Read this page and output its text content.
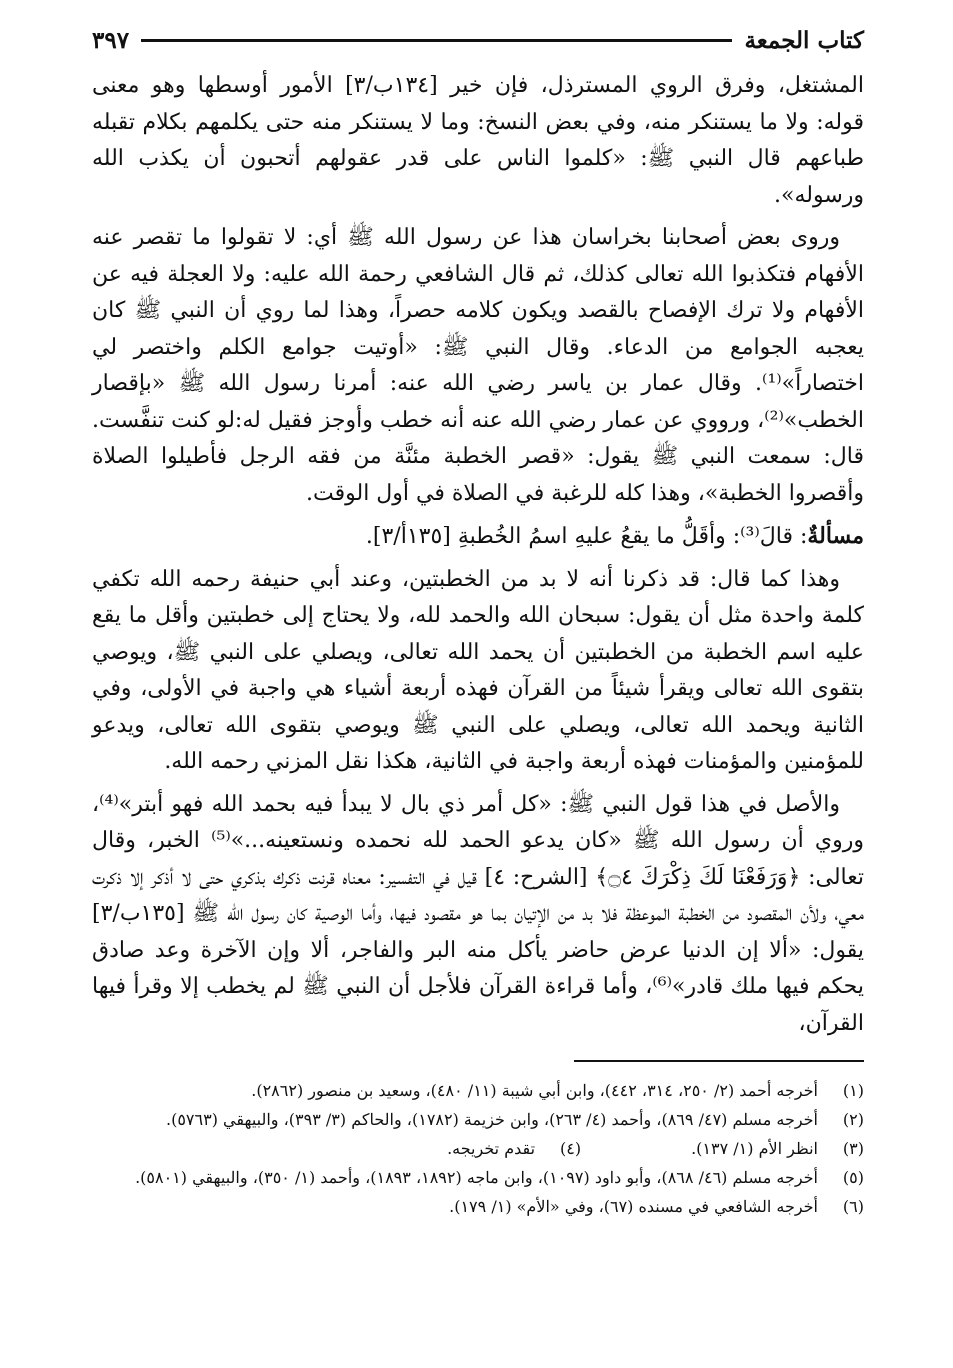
كتاب الجمعة
٣٩٧

المشتغل، وفرق الروي المسترذل، فإن خير [١٣٤ب/٣] الأمور أوسطها وهو معنى قوله: ولا ما يستنكر منه، وفي بعض النسخ: وما لا يستنكر منه حتى يكلمهم بكلام تقبله طباعهم قال النبي ﷺ: «كلموا الناس على قدر عقولهم أتحبون أن يكذب الله ورسوله».

وروى بعض أصحابنا بخراسان هذا عن رسول الله ﷺ أي: لا تقولوا ما تقصر عنه الأفهام فتكذبوا الله تعالى كذلك، ثم قال الشافعي رحمة الله عليه: ولا العجلة فيه عن الأفهام ولا ترك الإفصاح بالقصد ويكون كلامه حصراً، وهذا لما روي أن النبي ﷺ كان يعجبه الجوامع من الدعاء. وقال النبي ﷺ: «أوتيت جوامع الكلم واختصر لي اختصاراً»⁽¹⁾. وقال عمار بن ياسر رضي الله عنه: أمرنا رسول الله ﷺ «بإقصار الخطب»⁽²⁾، ورووي عن عمار رضي الله عنه أنه خطب وأوجز فقيل له:لو كنت تنفَّست. قال: سمعت النبي ﷺ يقول: «قصر الخطبة مئنَّة من فقه الرجل فأطيلوا الصلاة وأقصروا الخطبة»، وهذا كله للرغبة في الصلاة في أول الوقت.

مسألةٌ: قالَ⁽³⁾: وأقَلُّ ما يقعُ عليهِ اسمُ الخُطبةِ [١٣٥أ/٣].

وهذا كما قال: قد ذكرنا أنه لا بد من الخطبتين، وعند أبي حنيفة رحمه الله تكفي كلمة واحدة مثل أن يقول: سبحان الله والحمد لله، ولا يحتاج إلى خطبتين وأقل ما يقع عليه اسم الخطبة من الخطبتين أن يحمد الله تعالى، ويصلي على النبي ﷺ، ويوصي بتقوى الله تعالى ويقرأ شيئاً من القرآن فهذه أربعة أشياء هي واجبة في الأولى، وفي الثانية ويحمد الله تعالى، ويصلي على النبي ﷺ ويوصي بتقوى الله تعالى، ويدعو للمؤمنين والمؤمنات فهذه أربعة واجبة في الثانية، هكذا نقل المزني رحمه الله.

والأصل في هذا قول النبي ﷺ: «كل أمر ذي بال لا يبدأ فيه بحمد الله فهو أبتر»⁽⁴⁾، وروي أن رسول الله ﷺ «كان يدعو الحمد لله نحمده ونستعينه...»⁽⁵⁾ الخبر، وقال تعالى: ﴿وَرَفَعْنَا لَكَ ذِكْرَكَ ۝٤﴾ [الشرح: ٤] قيل في التفسير: معناه قرنت ذكرك بذكري حتى لا أذكر إلا ذكرت معي، ولأن المقصود من الخطبة الموعظة فلا بد من الإتيان بما هو مقصود فيها، وأما الوصية كان رسول الله ﷺ [١٣٥ب/٣] يقول: «ألا إن الدنيا عرض حاضر يأكل منه البر والفاجر، ألا وإن الآخرة وعد صادق يحكم فيها ملك قادر»⁽⁶⁾، وأما قراءة القرآن فلأجل أن النبي ﷺ لم يخطب إلا وقرأ فيها القرآن،

(١)
أخرجه أحمد (٢/ ٢٥٠، ٣١٤، ٤٤٢)، وابن أبي شيبة (١١/ ٤٨٠)، وسعيد بن منصور (٢٨٦٢).
(٢)
أخرجه مسلم (٤٧/ ٨٦٩)، وأحمد (٤/ ٢٦٣)، وابن خزيمة (١٧٨٢)، والحاكم (٣/ ٣٩٣)، والبيهقي (٥٧٦٣).
(٣)
انظر الأم (١/ ١٣٧).
(٤)
تقدم تخريجه.
(٥)
أخرجه مسلم (٤٦/ ٨٦٨)، وأبو داود (١٠٩٧)، وابن ماجه (١٨٩٢، ١٨٩٣)، وأحمد (١/ ٣٥٠)، والبيهقي (٥٨٠١).
(٦)
أخرجه الشافعي في مسنده (٦٧)، وفي «الأم» (١/ ١٧٩).
